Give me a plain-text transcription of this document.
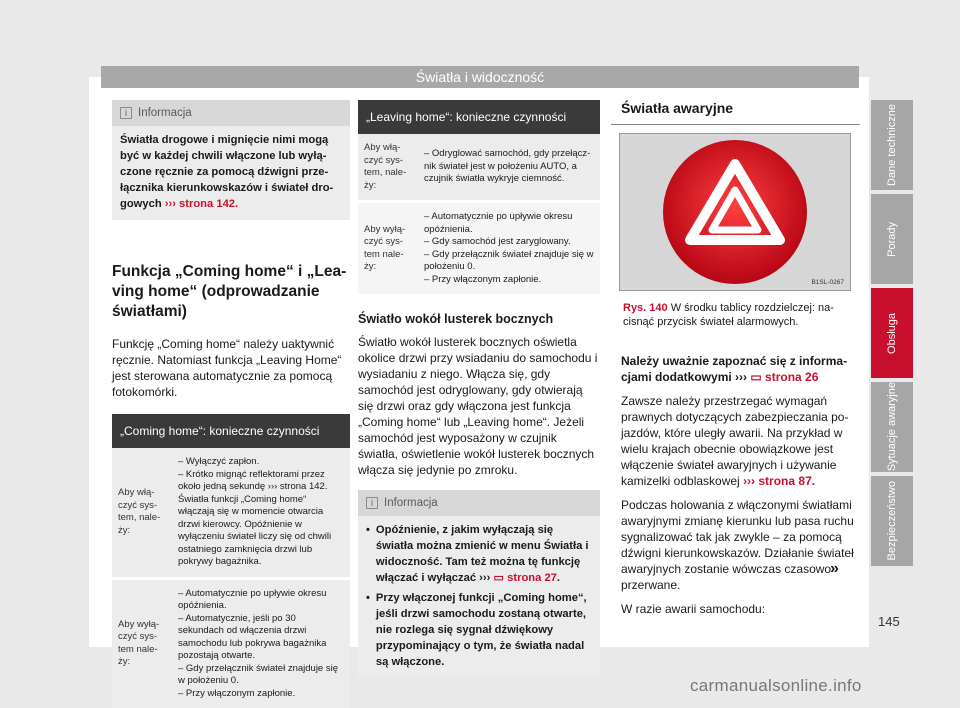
Światła i widoczność
i Informacja
Światła drogowe i mignięcie nimi mogą być w każdej chwili włączone lub wyłączone ręcznie za pomocą dźwigni przełącznika kierunkowskazów i świateł drogowych ››› strona 142.
Funkcja „Coming home“ i „Leaving home“ (odprowadzanie światłami)

Funkcję „Coming home“ należy uaktywnić ręcznie. Natomiast funkcja „Leaving Home“ jest sterowana automatycznie za pomocą fotokomórki.

„Coming home“: konieczne czynności
Aby włączyć system, należy:	– Wyłączyć zapłon.
– Krótko mignąć reflektorami przez około jedną sekundę ››› strona 142.
Światła funkcji „Coming home“ włączają się w momencie otwarcia drzwi kierowcy. Opóźnienie w wyłączeniu świateł liczy się od chwili ostatniego zamknięcia drzwi lub pokrywy bagażnika.

Aby wyłączyć system należy:	– Automatycznie po upływie okresu opóźnienia.
– Automatycznie, jeśli po 30 sekundach od włączenia drzwi samochodu lub pokrywa bagażnika pozostają otwarte.
– Gdy przełącznik świateł znajduje się w położeniu 0.
– Przy włączonym zapłonie.
„Leaving home“: konieczne czynności
Aby włączyć system, należy:	– Odryglować samochód, gdy przełącznik świateł jest w położeniu AUTO, a czujnik światła wykryje ciemność.

Aby wyłączyć system należy:	– Automatycznie po upływie okresu opóźnienia.
– Gdy samochód jest zaryglowany.
– Gdy przełącznik świateł znajduje się w położeniu 0.
– Przy włączonym zapłonie.
Światło wokół lusterek bocznych

Światło wokół lusterek bocznych oświetla okolice drzwi przy wsiadaniu do samochodu i wysiadaniu z niego. Włącza się, gdy samochód jest odryglowany, gdy otwierają się drzwi oraz gdy włączona jest funkcja „Coming home“ lub „Leaving home“. Jeżeli samochód jest wyposażony w czujnik światła, oświetlenie wokół lusterek bocznych włącza się jedynie po zmroku.

i Informacja
• Opóźnienie, z jakim wyłączają się światła można zmienić w menu Światła i widoczność. Tam też można tę funkcję włączać i wyłączać ››› ▭ strona 27.
• Przy włączonej funkcji „Coming home“, jeśli drzwi samochodu zostaną otwarte, nie rozlega się sygnał dźwiękowy przypominający o tym, że światła nadal są włączone.
Światła awaryjne
B1SL-0267
Rys. 140 W środku tablicy rozdzielczej: nacisnąć przycisk świateł alarmowych.

Należy uważnie zapoznać się z informacjami dodatkowymi ››› ▭ strona 26

Zawsze należy przestrzegać wymagań prawnych dotyczących zabezpieczania pojazdów, które uległy awarii. Na przykład w wielu krajach obecnie obowiązkowe jest włączenie świateł awaryjnych i używanie kamizelki odblaskowej ››› strona 87.

Podczas holowania z włączonymi światłami awaryjnymi zmianę kierunku lub pasa ruchu sygnalizować tak jak zwykle – za pomocą dźwigni kierunkowskazów. Działanie świateł awaryjnych zostanie wówczas czasowo przerwane.

W razie awarii samochodu:

»
Dane techniczne
Porady
Obsługa
Sytuacje awaryjne
Bezpieczeństwo
145
carmanualsonline.info
